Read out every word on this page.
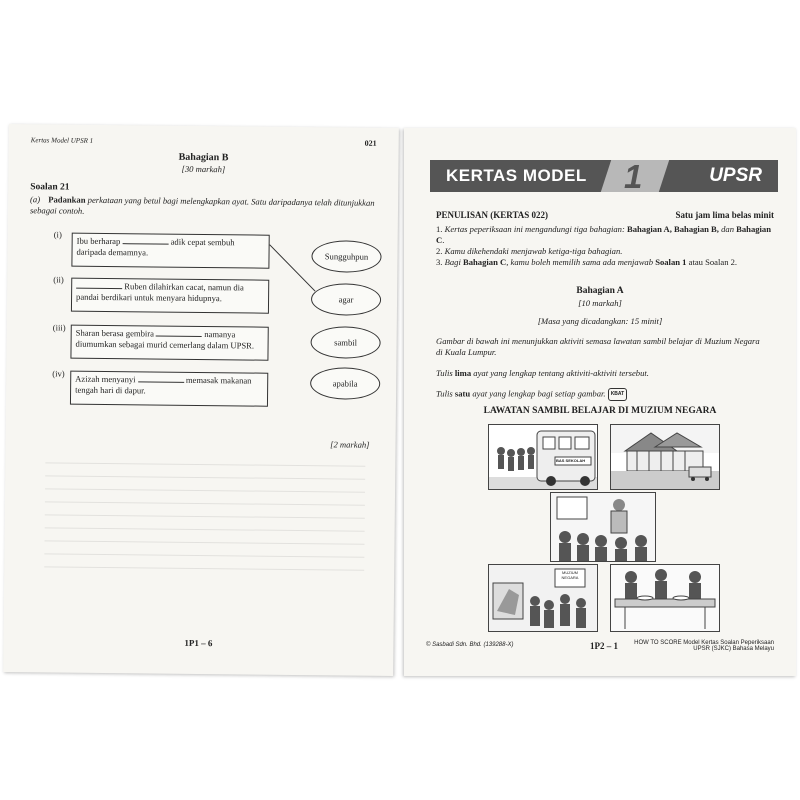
Kertas Model UPSR 1	021
Bahagian B
[30 markah]
Soalan 21
(a) Padankan perkataan yang betul bagi melengkapkan ayat. Satu daripadanya telah ditunjukkan sebagai contoh.
(i)
Ibu berharap	adik cepat sembuh daripada demamnya.
(ii)
Ruben dilahirkan cacat, namun dia pandai berdikari untuk menyara hidupnya.
(iii)
Sharan berasa gembira	namanya diumumkan sebagai murid cemerlang dalam UPSR.
(iv)
Azizah menyanyi	memasak makanan tengah hari di dapur.
Sungguhpun
agar
sambil
apabila
[2 markah]
1P1 – 6
KERTAS MODEL 1	UPSR
PENULISAN (KERTAS 022)	Satu jam lima belas minit
1. Kertas peperiksaan ini mengandungi tiga bahagian: Bahagian A, Bahagian B, dan Bahagian C.
2. Kamu dikehendaki menjawab ketiga-tiga bahagian.
3. Bagi Bahagian C, kamu boleh memilih sama ada menjawab Soalan 1 atau Soalan 2.
Bahagian A
[10 markah]
[Masa yang dicadangkan: 15 minit]
Gambar di bawah ini menunjukkan aktiviti semasa lawatan sambil belajar di Muzium Negara di Kuala Lumpur.
Tulis lima ayat yang lengkap tentang aktiviti-aktiviti tersebut.
Tulis satu ayat yang lengkap bagi setiap gambar. KBAT
LAWATAN SAMBIL BELAJAR DI MUZIUM NEGARA
BAS SEKOLAH
MUZIUM NEGARA
© Sasbadi Sdn. Bhd. (139288-X)	1P2 – 1	HOW TO SCORE Model Kertas Soalan Peperiksaan
UPSR (SJKC) Bahasa Melayu
